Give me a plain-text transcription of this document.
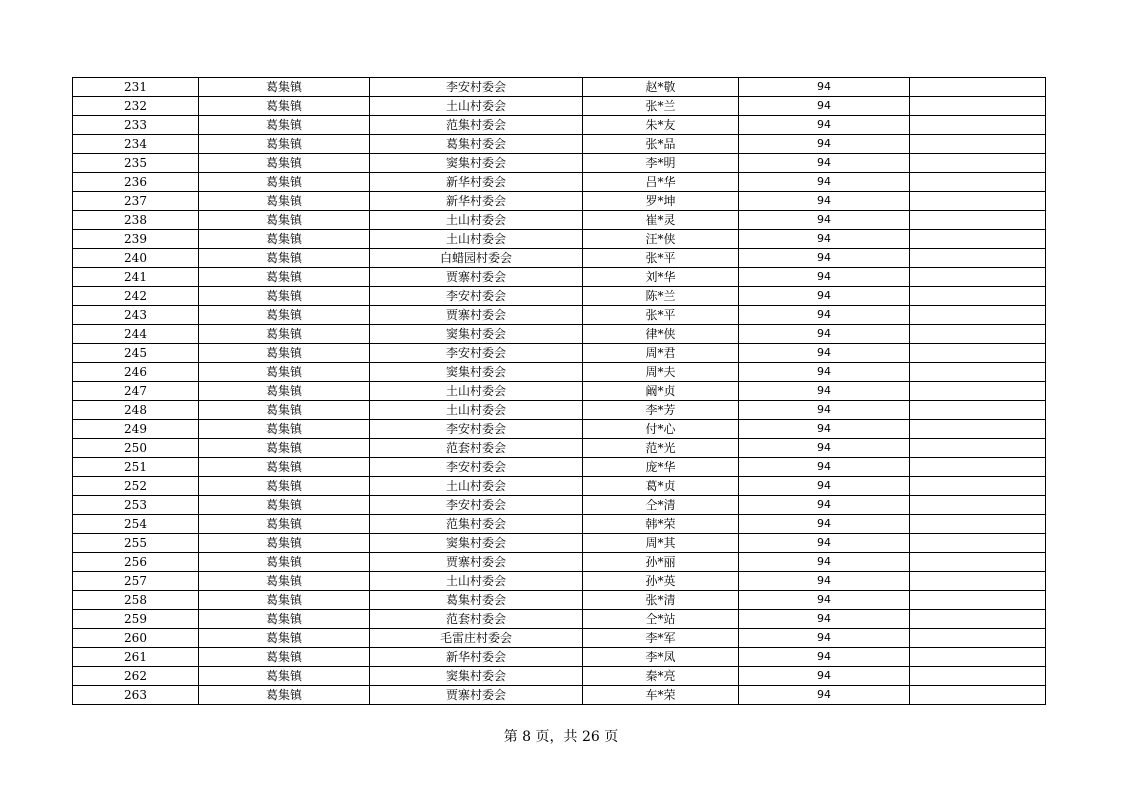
231	葛集镇	李安村委会	赵*敬	94	
232	葛集镇	土山村委会	张*兰	94	
233	葛集镇	范集村委会	朱*友	94	
234	葛集镇	葛集村委会	张*品	94	
235	葛集镇	窦集村委会	李*明	94	
236	葛集镇	新华村委会	吕*华	94	
237	葛集镇	新华村委会	罗*坤	94	
238	葛集镇	土山村委会	崔*灵	94	
239	葛集镇	土山村委会	汪*侠	94	
240	葛集镇	白蜡园村委会	张*平	94	
241	葛集镇	贾寨村委会	刘*华	94	
242	葛集镇	李安村委会	陈*兰	94	
243	葛集镇	贾寨村委会	张*平	94	
244	葛集镇	窦集村委会	律*侠	94	
245	葛集镇	李安村委会	周*君	94	
246	葛集镇	窦集村委会	周*夫	94	
247	葛集镇	土山村委会	阚*贞	94	
248	葛集镇	土山村委会	李*芳	94	
249	葛集镇	李安村委会	付*心	94	
250	葛集镇	范套村委会	范*光	94	
251	葛集镇	李安村委会	庞*华	94	
252	葛集镇	土山村委会	葛*贞	94	
253	葛集镇	李安村委会	仝*清	94	
254	葛集镇	范集村委会	韩*荣	94	
255	葛集镇	窦集村委会	周*其	94	
256	葛集镇	贾寨村委会	孙*丽	94	
257	葛集镇	土山村委会	孙*英	94	
258	葛集镇	葛集村委会	张*清	94	
259	葛集镇	范套村委会	仝*站	94	
260	葛集镇	毛雷庄村委会	李*军	94	
261	葛集镇	新华村委会	李*凤	94	
262	葛集镇	窦集村委会	秦*亮	94	
263	葛集镇	贾寨村委会	车*荣	94	
第 8 页，共 26 页
